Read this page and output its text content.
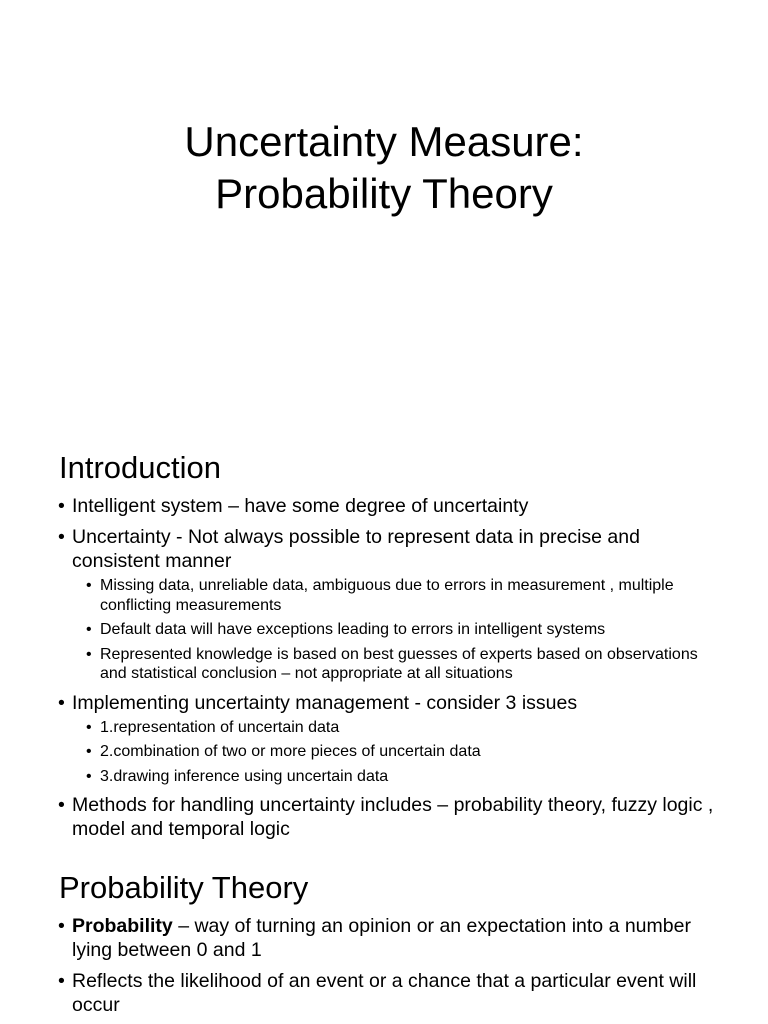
Uncertainty Measure:
Probability Theory
Introduction
• Intelligent system – have some degree of uncertainty
• Uncertainty - Not always possible to represent data in precise and consistent manner
• Missing data, unreliable data, ambiguous due to errors in measurement , multiple conflicting measurements
• Default data will have exceptions leading to errors in intelligent systems
• Represented knowledge is based on best guesses of experts based on observations and statistical conclusion – not appropriate at all situations
• Implementing uncertainty management - consider 3 issues
• 1.representation of uncertain data
• 2.combination of two or more pieces of uncertain data
• 3.drawing inference using uncertain data
• Methods for handling uncertainty includes – probability theory, fuzzy logic , model and temporal logic
Probability Theory
• Probability – way of turning an opinion or an expectation into a number lying between 0 and 1
• Reflects the likelihood of an event or a chance that a particular event will occur
